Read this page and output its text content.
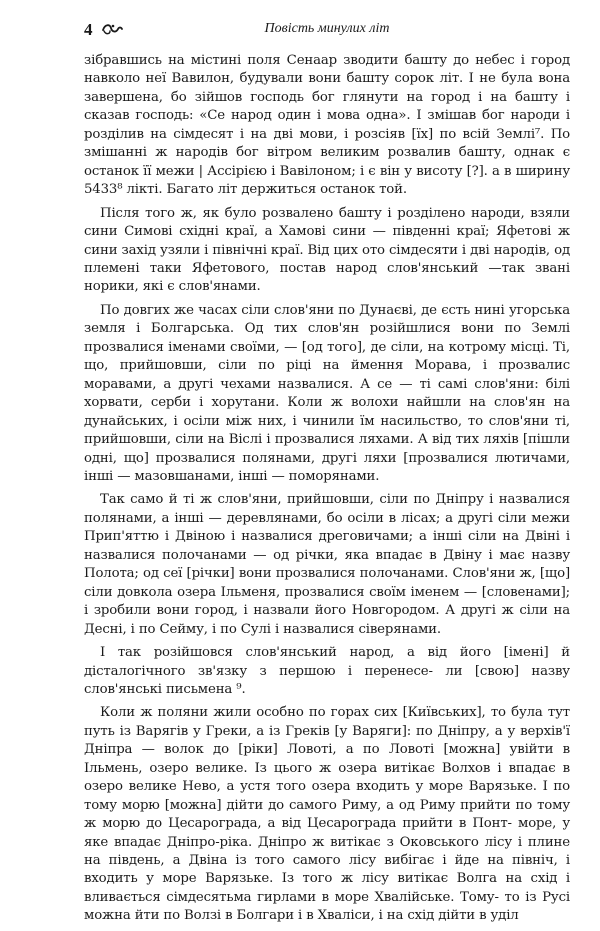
4	Повість минулих літ

зібравшись на містині поля Сенаар зводити баштy до небес і город навколо неї Вавилон, будували вони баштy сорок літ. І не була вона завершена, бо зійшов господь бог глянути на город і на башту і сказав господь: «Се народ один і мова одна». І змішав бог народи і розділив на сімдесят і на дві мови, і розсіяв [їх] по всій Землі⁷. По змішанні ж народів бог вітром великим розвалив башту, однак є останок її межи | Ассірією і Вавілоном; і є він у висоту [?]. а в ширину 5433⁸ лікті. Багато літ держиться останок той.

Після того ж, як було розвалено башту і розділено народи, взяли сини Симові східні краї, а Хамові сини — південні краї; Яфетові ж сини захід узяли і північні краї. Від цих ото сімдесяти і дві народів, од племені таки Яфетового, постав народ слов'янський —так звані норики, які є слов'янами.

По довгих же часах сіли слов'яни по Дунаєві, де єсть нині угорська земля і Болгарська. Од тих слов'ян розійшлися вони по Землі прозвалися іменами своїми, — [од того], де сіли, на котрому місці. Ті, що, прийшовши, сіли по ріці на ймення Морава, і прозвалис моравами, а другі чехами назвалися. А се — ті самі слов'яни: білі хорвати, серби і хорутани. Коли ж волохи найшли на слов'ян на дунайських, і осіли між них, і чинили їм насильство, то слов'яни ті, прийшовши, сіли на Віслі і прозвалися ляхами. А від тих ляхів [пішли одні, що] прозвалися полянами, другі ляхи [прозвалися лютичами, інші — мазовшанами, інші — поморянами.

Так само й ті ж слов'яни, прийшовши, сіли по Дніпру і назвалися полянами, а інші — деревлянами, бо осіли в лісах; а другі сіли межи Прип'яттю і Двіною і назвалися дреговичами; а інші сіли на Двіні і назвалися полочанами — од річки, яка впадає в Двіну і має назву Полота; од сеї [річки] вони прозвалися полочанами. Слов'яни ж, [що] сіли довкола озера Ільменя, прозвалися своїм іменем — [словенами]; і зробили вони город, і назвали його Новгородом. А другі ж сіли на Десні, і по Сейму, і по Сулі і назвалися сіверянами.

І так розійшовся слов'янський народ, а від його [імені] й дісталогічного зв'язку з першою і перенесе- ли [свою] назву слов'янські письмена ⁹.

Коли ж поляни жили особно по горах сих [Київських], то була тут путь із Варягів у Греки, а із Греків [у Варяги]: по Дніпру, а у верхів'ї Дніпра — волок до [ріки] Ловоті, а по Ловоті [можна] увійти в Ільмень, озеро велике. Із цього ж озера витікає Волхов і впадає в озеро велике Нево, а устя того озера входить у море Варязьке. І по тому морю [можна] дійти до самого Риму, а од Риму прийти по тому ж морю до Цесарограда, а від Цесарограда прийти в Понт- море, у яке впадає Дніпро-ріка. Дніпро ж витікає з Оковського лісу і плине на південь, а Двіна із того самого лісу вибігає і йде на північ, і входить у море Варязьке. Із того ж лісу витікає Волга на схід і вливається сімдесятьма гирлами в море Хвалійське. Тому- то із Русі можна йти по Волзі в Болгари і в Хваліси, і на схід дійти в уділ
